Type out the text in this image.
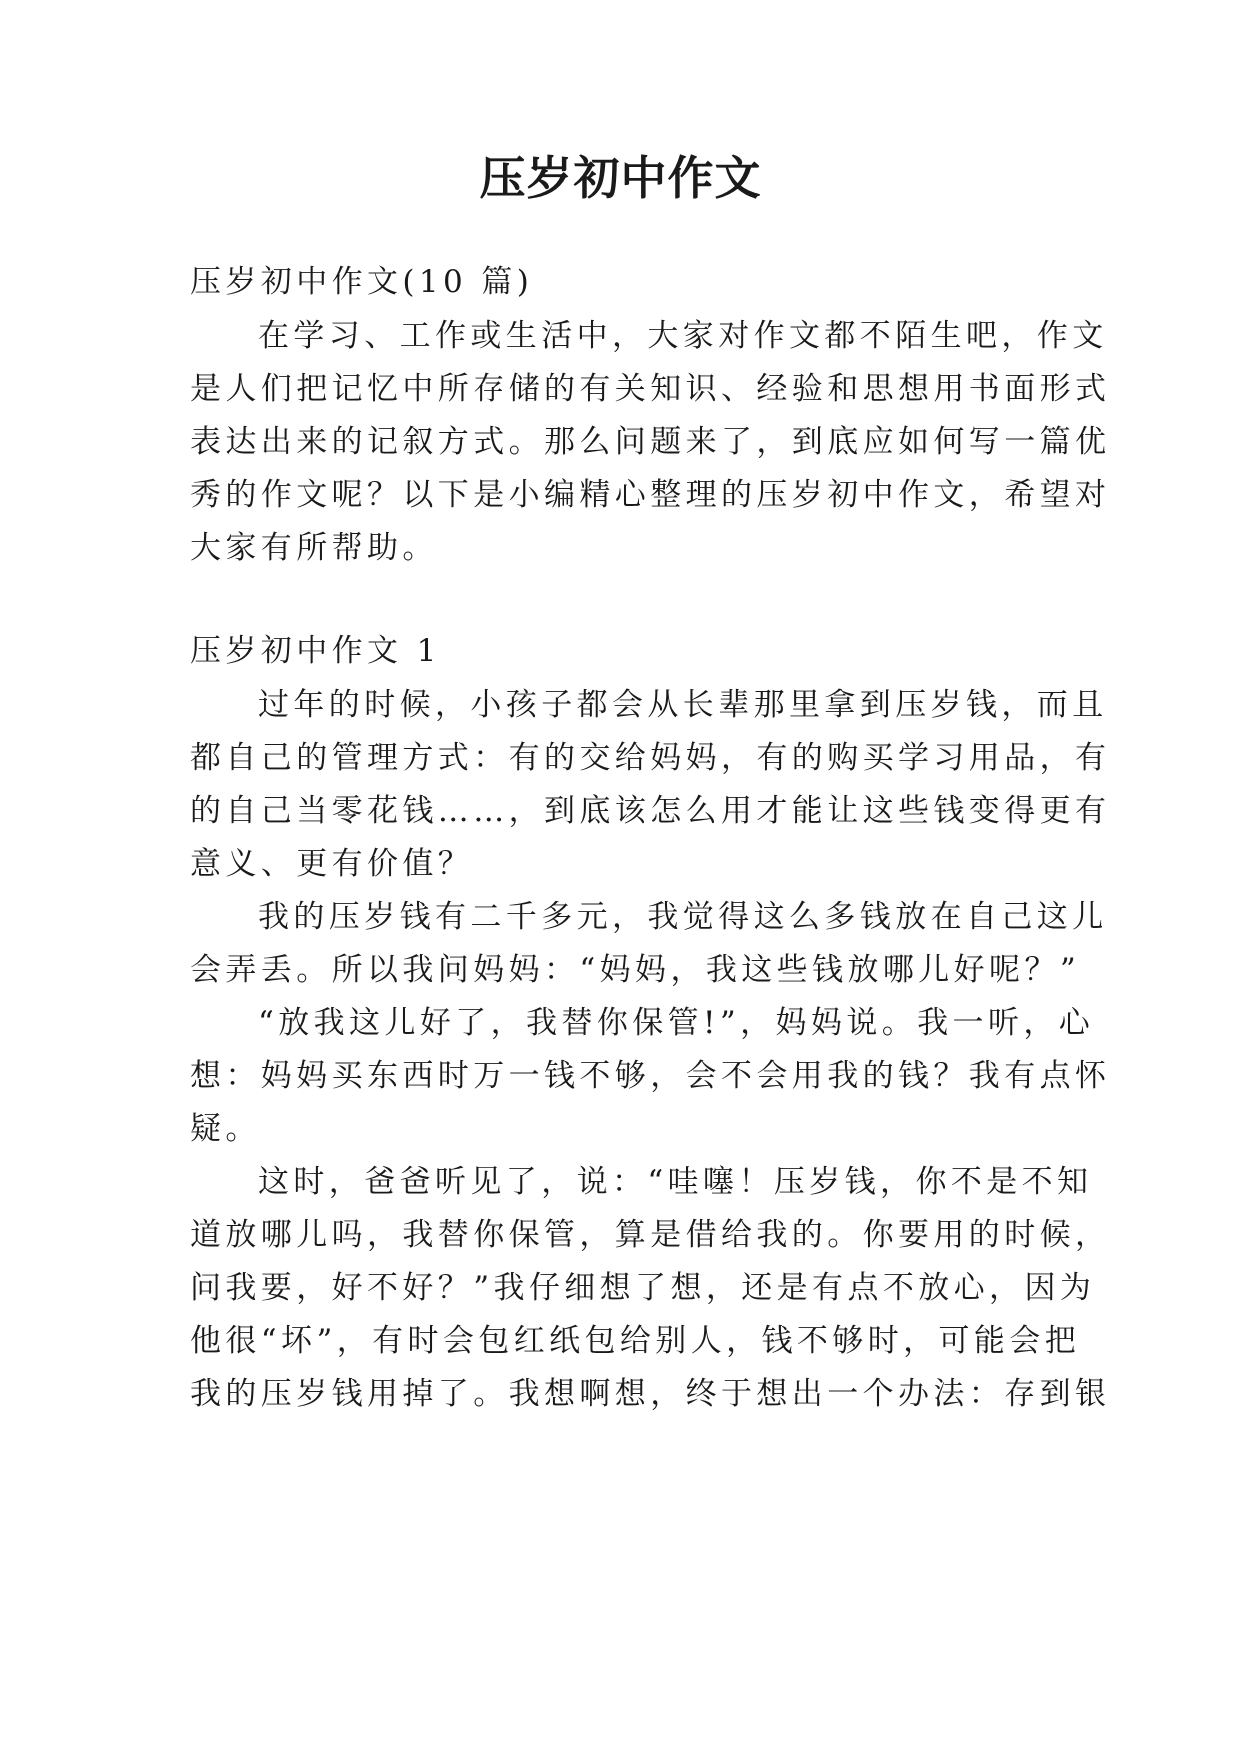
压岁初中作文
压岁初中作文(10 篇)
在学习、工作或生活中，大家对作文都不陌生吧，作文
是人们把记忆中所存储的有关知识、经验和思想用书面形式
表达出来的记叙方式。那么问题来了，到底应如何写一篇优
秀的作文呢？以下是小编精心整理的压岁初中作文，希望对
大家有所帮助。
压岁初中作文 1
过年的时候，小孩子都会从长辈那里拿到压岁钱，而且
都自己的管理方式：有的交给妈妈，有的购买学习用品，有
的自己当零花钱……，到底该怎么用才能让这些钱变得更有
意义、更有价值？
我的压岁钱有二千多元，我觉得这么多钱放在自己这儿
会弄丢。所以我问妈妈：“妈妈，我这些钱放哪儿好呢？”
“放我这儿好了，我替你保管!”，妈妈说。我一听，心
想：妈妈买东西时万一钱不够，会不会用我的钱？我有点怀
疑。
这时，爸爸听见了，说：“哇噻！压岁钱，你不是不知
道放哪儿吗，我替你保管，算是借给我的。你要用的时候，
问我要，好不好？”我仔细想了想，还是有点不放心，因为
他很“坏”，有时会包红纸包给别人，钱不够时，可能会把
我的压岁钱用掉了。我想啊想，终于想出一个办法：存到银
